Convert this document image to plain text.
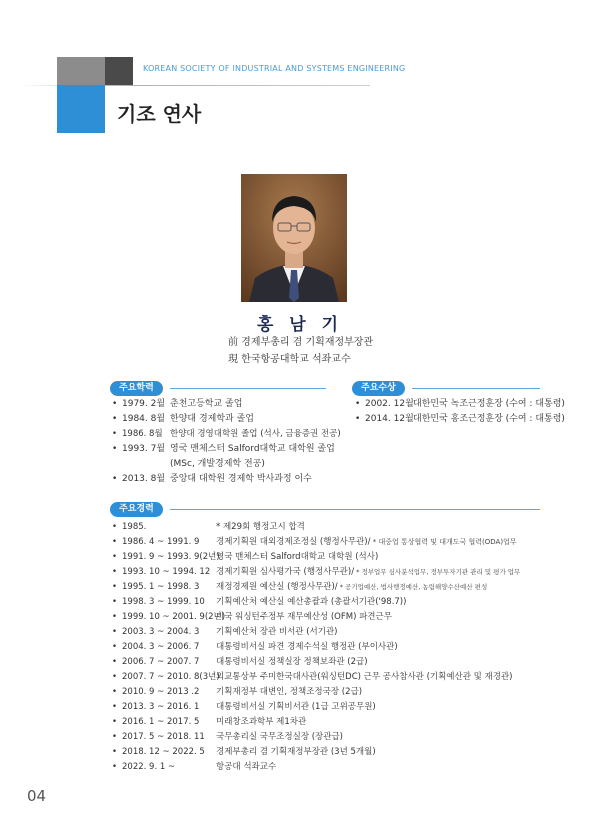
KOREAN SOCIETY OF INDUSTRIAL AND SYSTEMS ENGINEERING
기조 연사
홍 남 기
前 경제부총리 겸 기획재정부장관
現 한국항공대학교 석좌교수
주요학력
• 1979. 2월 춘천고등학교 졸업
• 1984. 8월 한양대 경제학과 졸업
• 1986. 8월 한양대 경영대학원 졸업 (석사, 금융증권 전공)
• 1993. 7월 영국 맨체스터 Salford대학교 대학원 졸업
(MSc, 개발경제학 전공)
• 2013. 8월 중앙대 대학원 경제학 박사과정 이수
주요수상
• 2002. 12월대한민국 녹조근정훈장 (수여 : 대통령)
• 2014. 12월대한민국 홍조근정훈장 (수여 : 대통령)
주요경력
• 1985.	* 제29회 행정고시 합격
• 1986. 4 ~ 1991. 9 경제기획원 대외경제조정실 (행정사무관)/ * 대중업 통상협력 및 대개도국 협력(ODA)업무
• 1991. 9 ~ 1993. 9(2년)영국 맨체스터 Salford대학교 대학원 (석사)
• 1993. 10 ~ 1994. 12 경제기획원 심사평가국 (행정사무관)/ * 정부업무 심사분석업무, 정부투자기관 관리 및 평가 업무
• 1995. 1 ~ 1998. 3 재정경제원 예산실 (행정사무관)/ * 공기업예산, 법사행정예산, 농림해양수산예산 편성
• 1998. 3 ~ 1999. 10 기획예산처 예산실 예산총괄과 (총괄서기관('98.7))
• 1999. 10 ~ 2001. 9(2년)미국 워싱턴주정부 재무예산성 (OFM) 파견근무
• 2003. 3 ~ 2004. 3 기획예산처 장관 비서관 (서기관)
• 2004. 3 ~ 2006. 7 대통령비서실 파견 경제수석실 행정관 (부이사관)
• 2006. 7 ~ 2007. 7 대통령비서실 정책실장 정책보좌관 (2급)
• 2007. 7 ~ 2010. 8(3년)외교통상부 주미한국대사관(워싱턴DC) 근무 공사참사관 (기획예산관 및 재경관)
• 2010. 9 ~ 2013 .2 기획재정부 대변인, 정책조정국장 (2급)
• 2013. 3 ~ 2016. 1 대통령비서실 기획비서관 (1급 고위공무원)
• 2016. 1 ~ 2017. 5 미래창조과학부 제1차관
• 2017. 5 ~ 2018. 11 국무총리실 국무조정실장 (장관급)
• 2018. 12 ~ 2022. 5 경제부총리 겸 기획재정부장관 (3년 5개월)
• 2022. 9. 1 ~	항공대 석좌교수
04
